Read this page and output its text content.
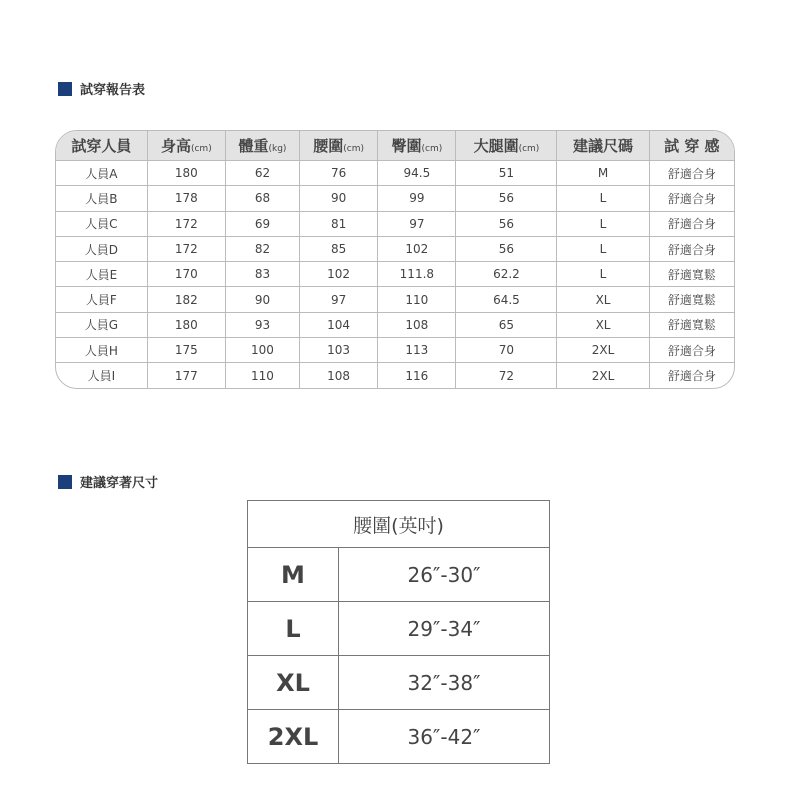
試穿報告表
試穿人員	身高(cm)	體重(kg)	腰圍(cm)	臀圍(cm)	大腿圍(cm)	建議尺碼	試 穿 感
人員A	180	62	76	94.5	51	M	舒適合身
人員B	178	68	90	99	56	L	舒適合身
人員C	172	69	81	97	56	L	舒適合身
人員D	172	82	85	102	56	L	舒適合身
人員E	170	83	102	111.8	62.2	L	舒適寬鬆
人員F	182	90	97	110	64.5	XL	舒適寬鬆
人員G	180	93	104	108	65	XL	舒適寬鬆
人員H	175	100	103	113	70	2XL	舒適合身
人員I	177	110	108	116	72	2XL	舒適合身
建議穿著尺寸
腰圍(英吋)	
M	26″-30″
L	29″-34″
XL	32″-38″
2XL	36″-42″
